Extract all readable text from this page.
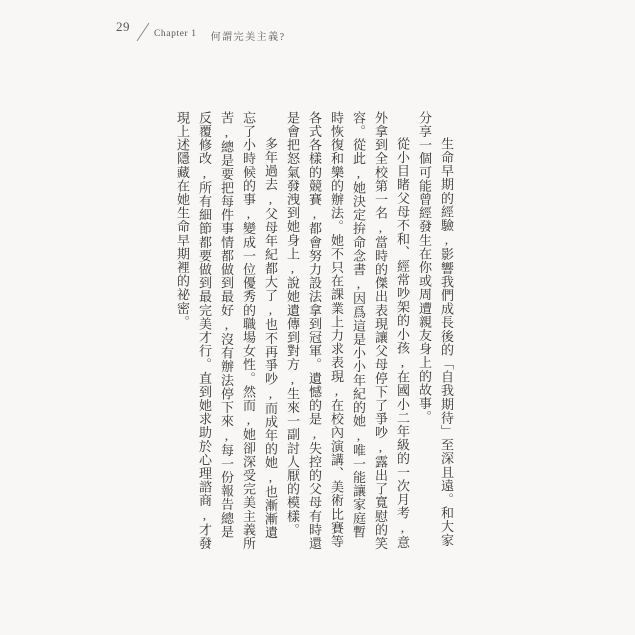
29	Chapter 1 何謂完美主義?

生命早期的經驗,影響我們成長後的「自我期待」至深且遠。和大家分享一個可能曾經發生在你或周遭親友身上的故事。

從小目睹父母不和、經常吵架的小孩,在國小二年級的一次月考,意外拿到全校第一名,當時的傑出表現讓父母停下了爭吵,露出了寬慰的笑容。從此,她決定拚命念書,因爲這是小小年紀的她,唯一能讓家庭暫時恢復和樂的辦法。她不只在課業上力求表現,在校內演講、美術比賽等各式各樣的競賽,都會努力設法拿到冠軍。遺憾的是,失控的父母有時還是會把怒氣發洩到她身上,說她遺傳到對方,生來一副討人厭的模樣。

多年過去,父母年紀都大了,也不再爭吵,而成年的她,也漸漸遺忘了小時候的事,變成一位優秀的職場女性。然而,她卻深受完美主義所苦,總是要把每件事情都做到最好,沒有辦法停下來,每一份報告總是反覆修改,所有細節都要做到最完美才行。直到她求助於心理諮商,才發現上述隱藏在她生命早期裡的祕密。
